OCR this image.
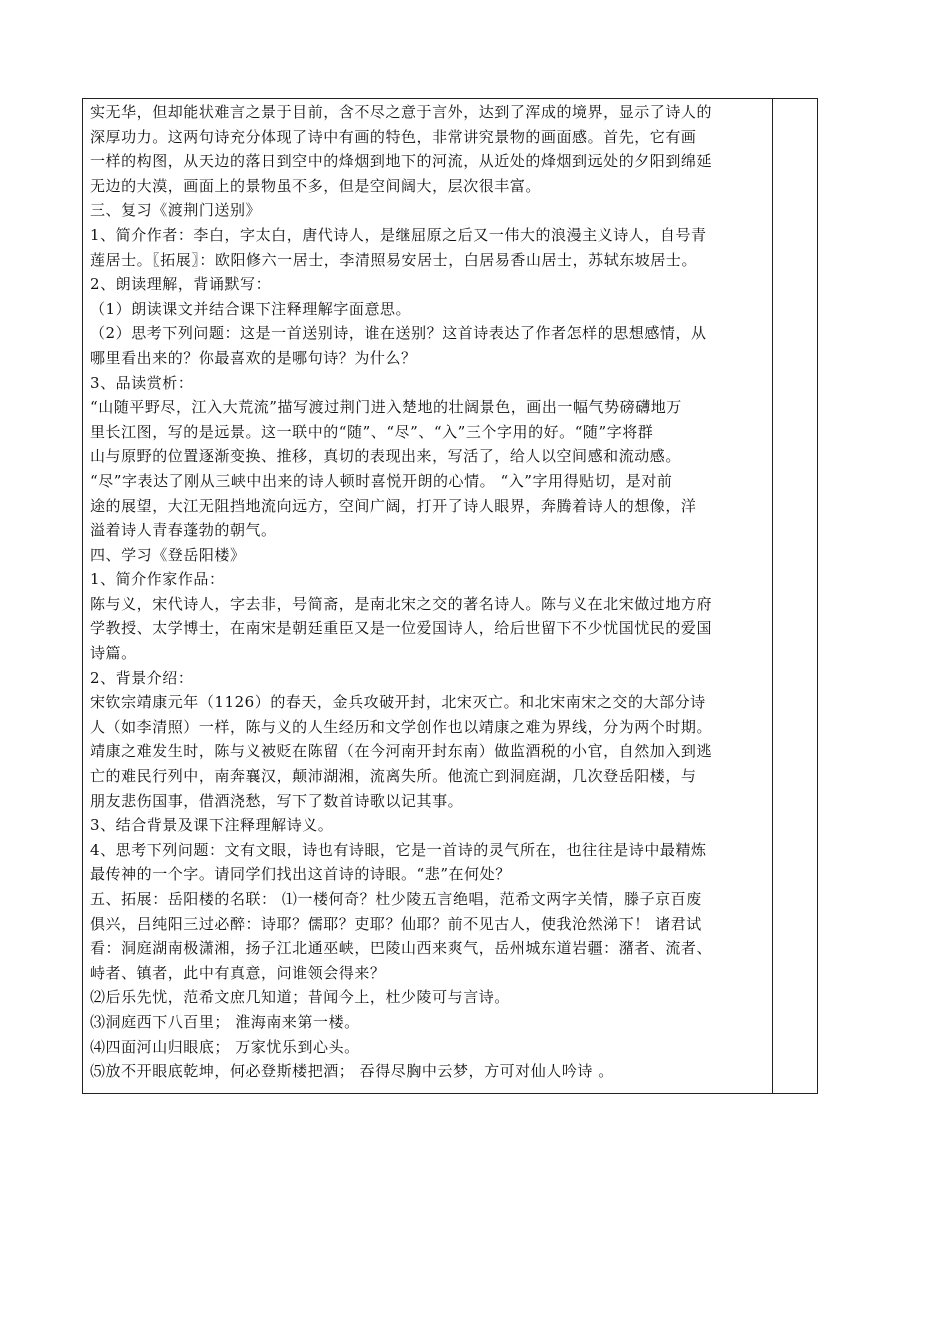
实无华，但却能状难言之景于目前，含不尽之意于言外，达到了浑成的境界，显示了诗人的
深厚功力。这两句诗充分体现了诗中有画的特色，非常讲究景物的画面感。首先，它有画
一样的构图，从天边的落日到空中的烽烟到地下的河流，从近处的烽烟到远处的夕阳到绵延
无边的大漠，画面上的景物虽不多，但是空间阔大，层次很丰富。
三、复习《渡荆门送别》
1、简介作者：李白，字太白，唐代诗人，是继屈原之后又一伟大的浪漫主义诗人，自号青
莲居士。〖拓展〗：欧阳修六一居士，李清照易安居士，白居易香山居士，苏轼东坡居士。
2、朗读理解，背诵默写：
（1）朗读课文并结合课下注释理解字面意思。
（2）思考下列问题：这是一首送别诗，谁在送别？这首诗表达了作者怎样的思想感情，从
哪里看出来的？你最喜欢的是哪句诗？为什么？
3、品读赏析：
“山随平野尽，江入大荒流”描写渡过荆门进入楚地的壮阔景色，画出一幅气势磅礴地万
里长江图，写的是远景。这一联中的“随”、“尽”、“入”三个字用的好。“随”字将群
山与原野的位置逐渐变换、推移，真切的表现出来，写活了，给人以空间感和流动感。
“尽”字表达了刚从三峡中出来的诗人顿时喜悦开朗的心情。 “入”字用得贴切，是对前
途的展望，大江无阻挡地流向远方，空间广阔，打开了诗人眼界，奔腾着诗人的想像，洋
溢着诗人青春蓬勃的朝气。
四、学习《登岳阳楼》
1、简介作家作品：
陈与义，宋代诗人，字去非，号简斋，是南北宋之交的著名诗人。陈与义在北宋做过地方府
学教授、太学博士，在南宋是朝廷重臣又是一位爱国诗人，给后世留下不少忧国忧民的爱国
诗篇。
2、背景介绍：
宋钦宗靖康元年（1126）的春天，金兵攻破开封，北宋灭亡。和北宋南宋之交的大部分诗
人（如李清照）一样，陈与义的人生经历和文学创作也以靖康之难为界线，分为两个时期。
靖康之难发生时，陈与义被贬在陈留（在今河南开封东南）做监酒税的小官，自然加入到逃
亡的难民行列中，南奔襄汉，颠沛湖湘，流离失所。他流亡到洞庭湖，几次登岳阳楼，与
朋友悲伤国事，借酒浇愁，写下了数首诗歌以记其事。
3、结合背景及课下注释理解诗义。
4、思考下列问题：文有文眼，诗也有诗眼，它是一首诗的灵气所在，也往往是诗中最精炼
最传神的一个字。请同学们找出这首诗的诗眼。“悲”在何处？
五、拓展：岳阳楼的名联： ⑴一楼何奇？杜少陵五言绝唱，范希文两字关情，滕子京百废
俱兴，吕纯阳三过必醉：诗耶？儒耶？吏耶？仙耶？前不见古人，使我沧然涕下！ 诸君试
看：洞庭湖南极潇湘，扬子江北通巫峡，巴陵山西来爽气，岳州城东道岩疆：潴者、流者、
峙者、镇者，此中有真意，问谁领会得来？
⑵后乐先忧，范希文庶几知道；昔闻今上，杜少陵可与言诗。
⑶洞庭西下八百里； 淮海南来第一楼。
⑷四面河山归眼底； 万家忧乐到心头。
⑸放不开眼底乾坤，何必登斯楼把酒； 吞得尽胸中云梦，方可对仙人吟诗 。
